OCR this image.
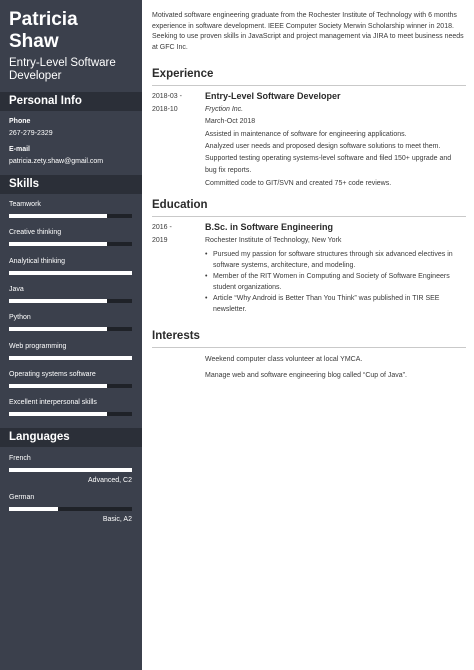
Patricia
Shaw
Entry-Level Software Developer
Personal Info
Phone
267-279-2329
E-mail
patricia.zety.shaw@gmail.com
Skills
Teamwork
Creative thinking
Analytical thinking
Java
Python
Web programming
Operating systems software
Excellent interpersonal skills
Languages
French
Advanced, C2
German
Basic, A2
Motivated software engineering graduate from the Rochester Institute of Technology with 6 months experience in software development. IEEE Computer Society Merwin Scholarship winner in 2018. Seeking to use proven skills in JavaScript and project management via JIRA to meet business needs at GFC Inc.
Experience
2018-03 -
2018-10
Entry-Level Software Developer
Fryction Inc.
March-Oct 2018
Assisted in maintenance of software for engineering applications.
Analyzed user needs and proposed design software solutions to meet them.
Supported testing operating systems-level software and filed 150+ upgrade and
bug fix reports.
Committed code to GIT/SVN and created 75+ code reviews.
Education
2016 -
2019
B.Sc. in Software Engineering
Rochester Institute of Technology, New York
• Pursued my passion for software structures through six advanced electives in software systems, architecture, and modeling.
• Member of the RIT Women in Computing and Society of Software Engineers student organizations.
• Article “Why Android is Better Than You Think” was published in TIR SEE newsletter.
Interests
Weekend computer class volunteer at local YMCA.
Manage web and software engineering blog called “Cup of Java”.
